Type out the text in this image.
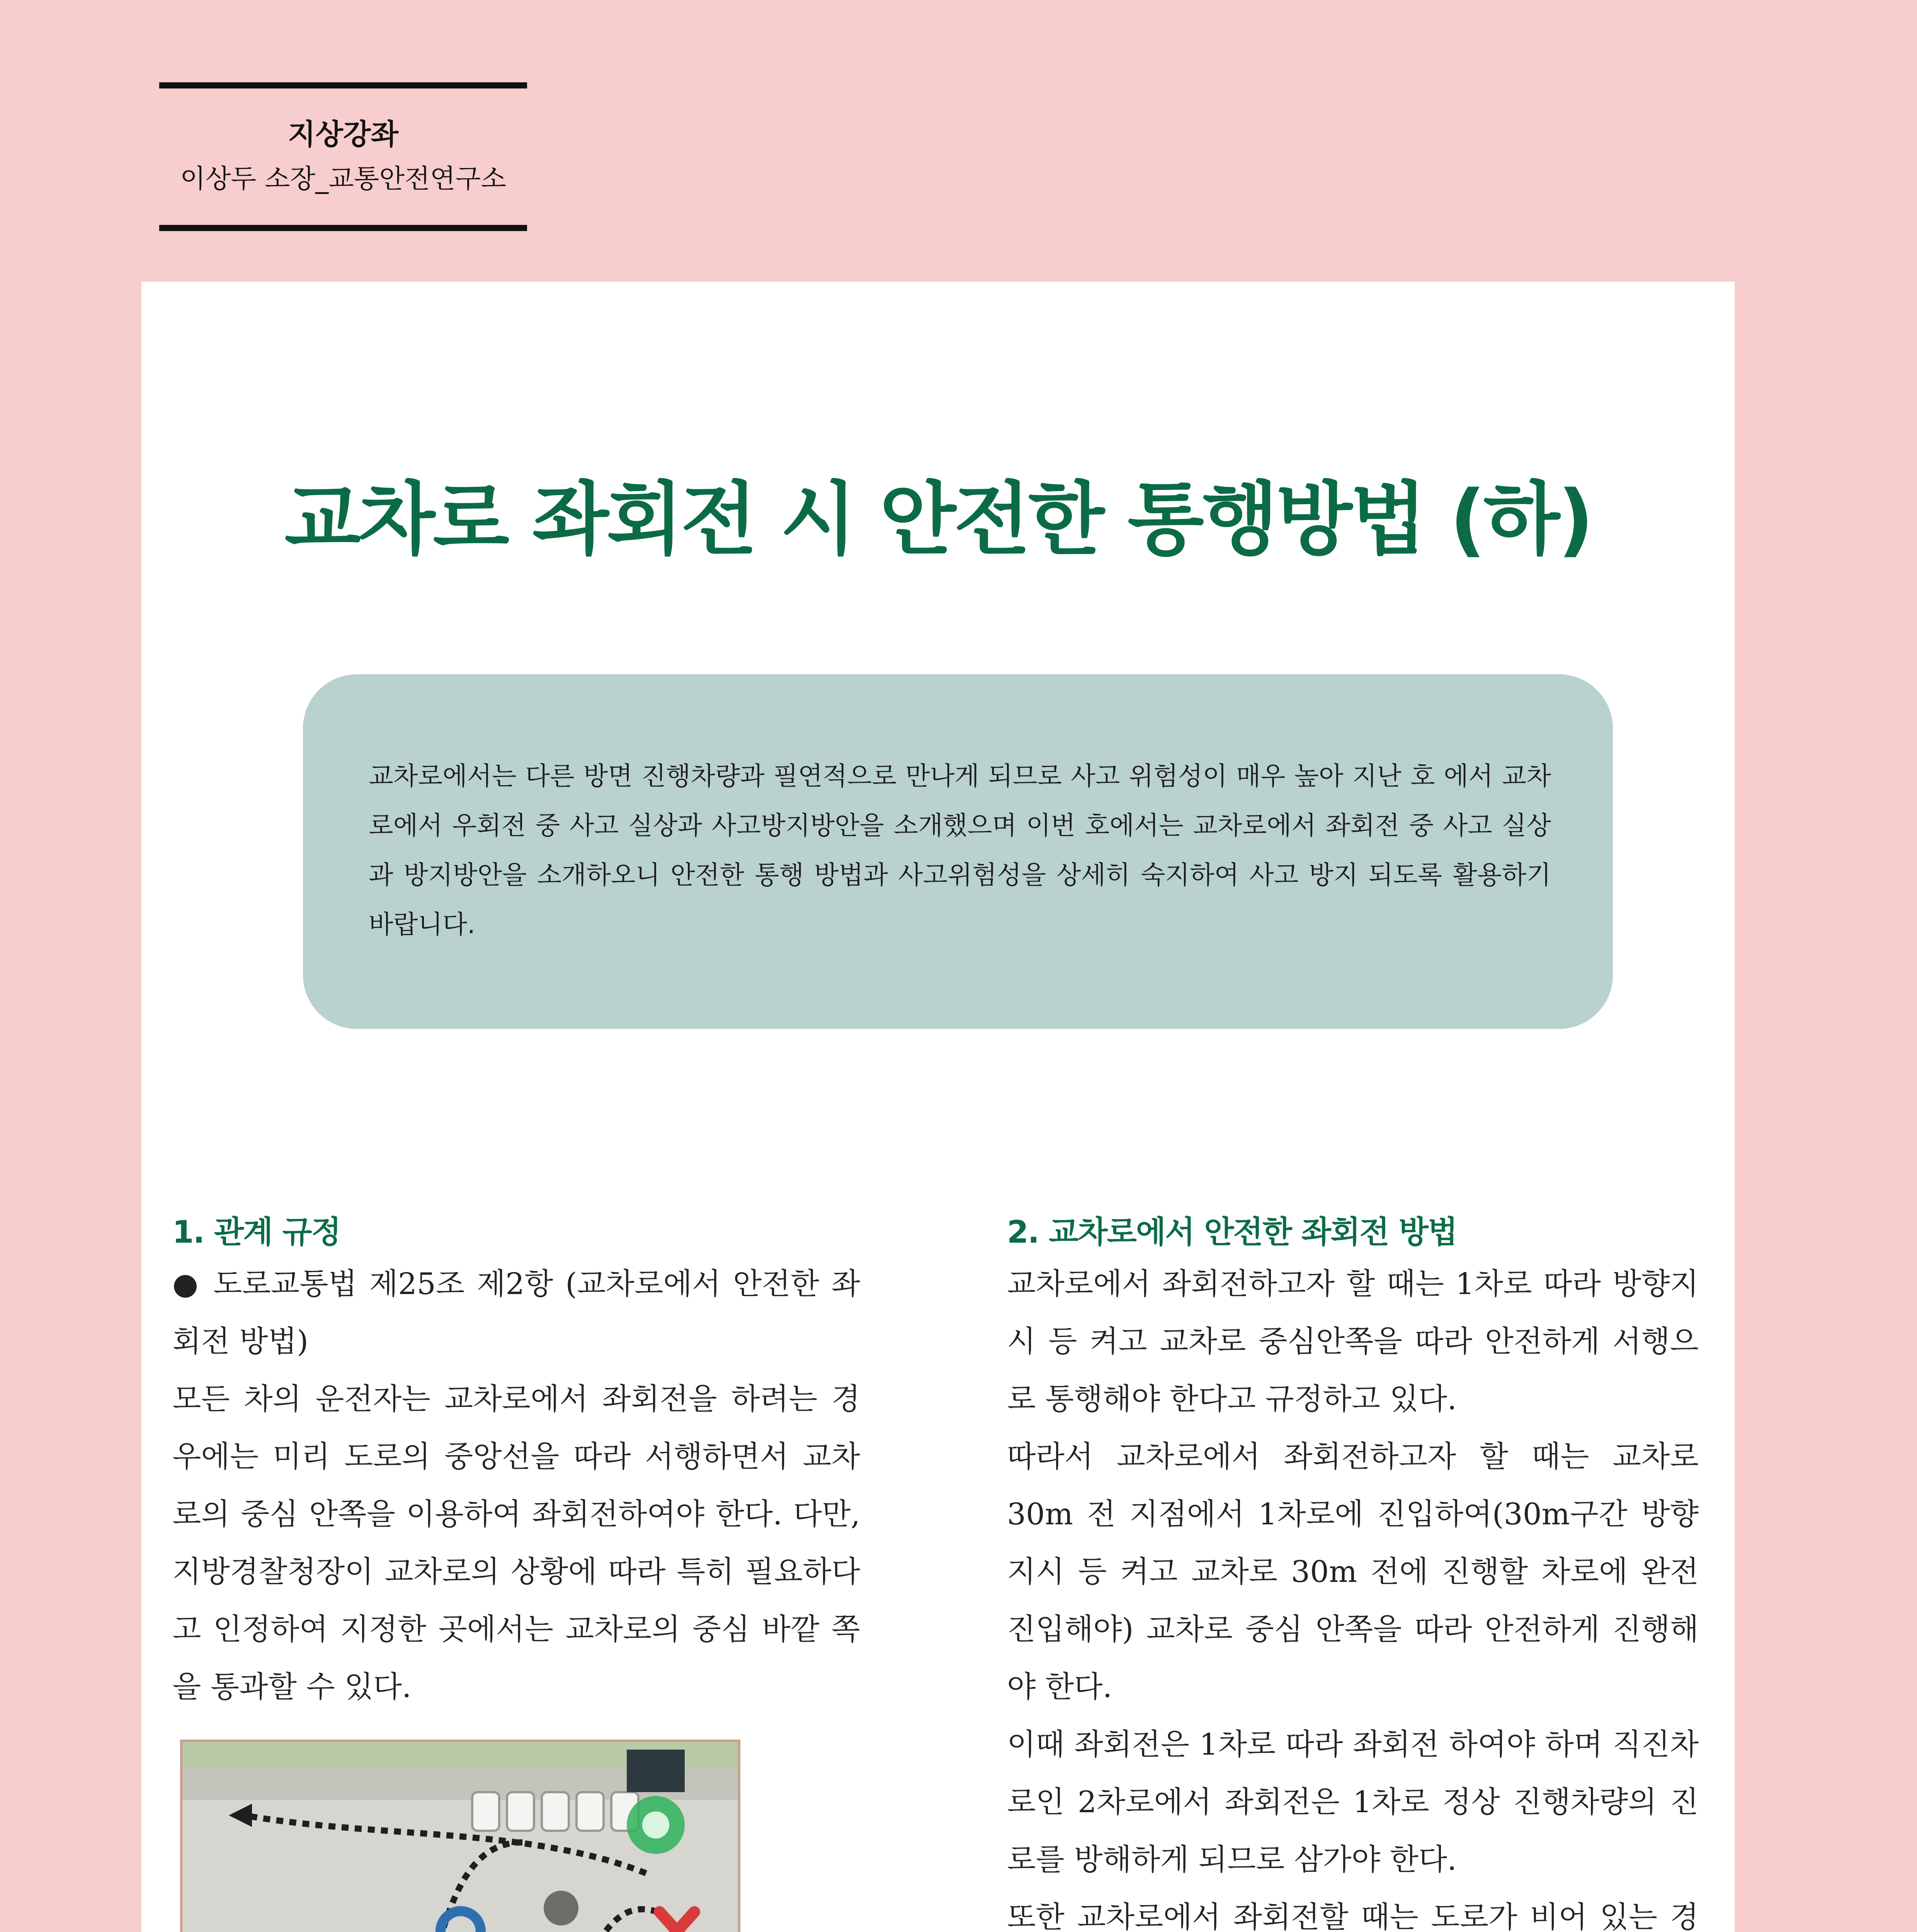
지상강좌
이상두 소장_교통안전연구소
교차로 좌회전 시 안전한 통행방법 (하)
교차로에서는 다른 방면 진행차량과 필연적으로 만나게 되므로 사고 위험성이 매우 높아 지난 호 에서 교차로에서 우회전 중 사고 실상과 사고방지방안을 소개했으며 이번 호에서는 교차로에서 좌회전 중 사고 실상과 방지방안을 소개하오니 안전한 통행 방법과 사고위험성을 상세히 숙지하여 사고 방지 되도록 활용하기 바랍니다.
1. 관계 규정

● 도로교통법 제25조 제2항 (교차로에서 안전한 좌회전 방법)

모든 차의 운전자는 교차로에서 좌회전을 하려는 경우에는 미리 도로의 중앙선을 따라 서행하면서 교차로의 중심 안쪽을 이용하여 좌회전하여야 한다. 다만, 지방경찰청장이 교차로의 상황에 따라 특히 필요하다고 인정하여 지정한 곳에서는 교차로의 중심 바깥 쪽을 통과할 수 있다.

2. 교차로에서 안전한 좌회전 방법

교차로에서 좌회전하고자 할 때는 1차로 따라 방향지시 등 켜고 교차로 중심안쪽을 따라 안전하게 서행으로 통행해야 한다고 규정하고 있다.

따라서 교차로에서 좌회전하고자 할 때는 교차로 30m 전 지점에서 1차로에 진입하여(30m구간 방향지시 등 켜고 교차로 30m 전에 진행할 차로에 완전 진입해야) 교차로 중심 안쪽을 따라 안전하게 진행해야 한다.

이때 좌회전은 1차로 따라 좌회전 하여야 하며 직진차로인 2차로에서 좌회전은 1차로 정상 진행차량의 진로를 방해하게 되므로 삼가야 한다.

또한 교차로에서 좌회전할 때는 도로가 비어 있는 경
